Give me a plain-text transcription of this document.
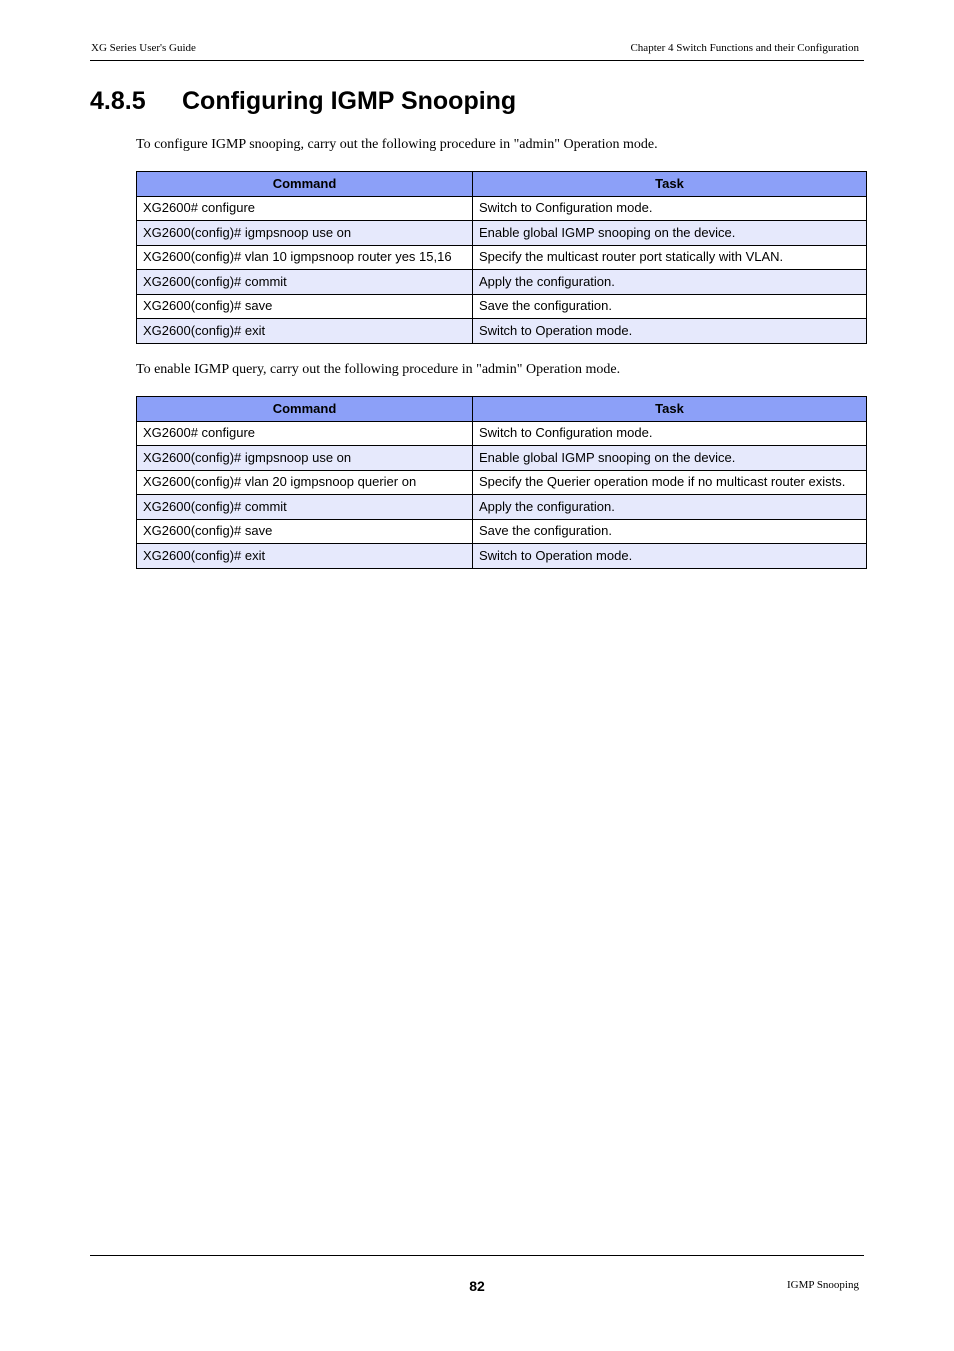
XG Series User's Guide	Chapter 4 Switch Functions and their Configuration
4.8.5 Configuring IGMP Snooping

To configure IGMP snooping, carry out the following procedure in "admin" Operation mode.

Command	Task
XG2600# configure	Switch to Configuration mode.
XG2600(config)# igmpsnoop use on	Enable global IGMP snooping on the device.
XG2600(config)# vlan 10 igmpsnoop router yes 15,16	Specify the multicast router port statically with VLAN.
XG2600(config)# commit	Apply the configuration.
XG2600(config)# save	Save the configuration.
XG2600(config)# exit	Switch to Operation mode.

To enable IGMP query, carry out the following procedure in "admin" Operation mode.

Command	Task
XG2600# configure	Switch to Configuration mode.
XG2600(config)# igmpsnoop use on	Enable global IGMP snooping on the device.
XG2600(config)# vlan 20 igmpsnoop querier on	Specify the Querier operation mode if no multicast router exists.
XG2600(config)# commit	Apply the configuration.
XG2600(config)# save	Save the configuration.
XG2600(config)# exit	Switch to Operation mode.
82	IGMP Snooping
